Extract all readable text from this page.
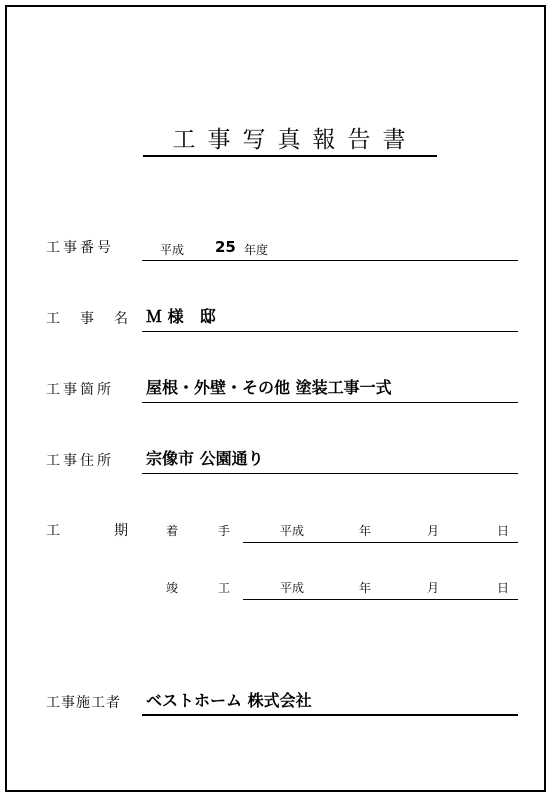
工事写真報告書
工事番号	平成 25 年度
工 事 名 Ｍ 様　邸
工事箇所 屋根・外壁・その他 塗装工事一式
工事住所 宗像市 公園通り
工	期	着	手	平成	年	月	日
竣	工	平成	年	月	日
工事施工者 ベストホーム 株式会社
